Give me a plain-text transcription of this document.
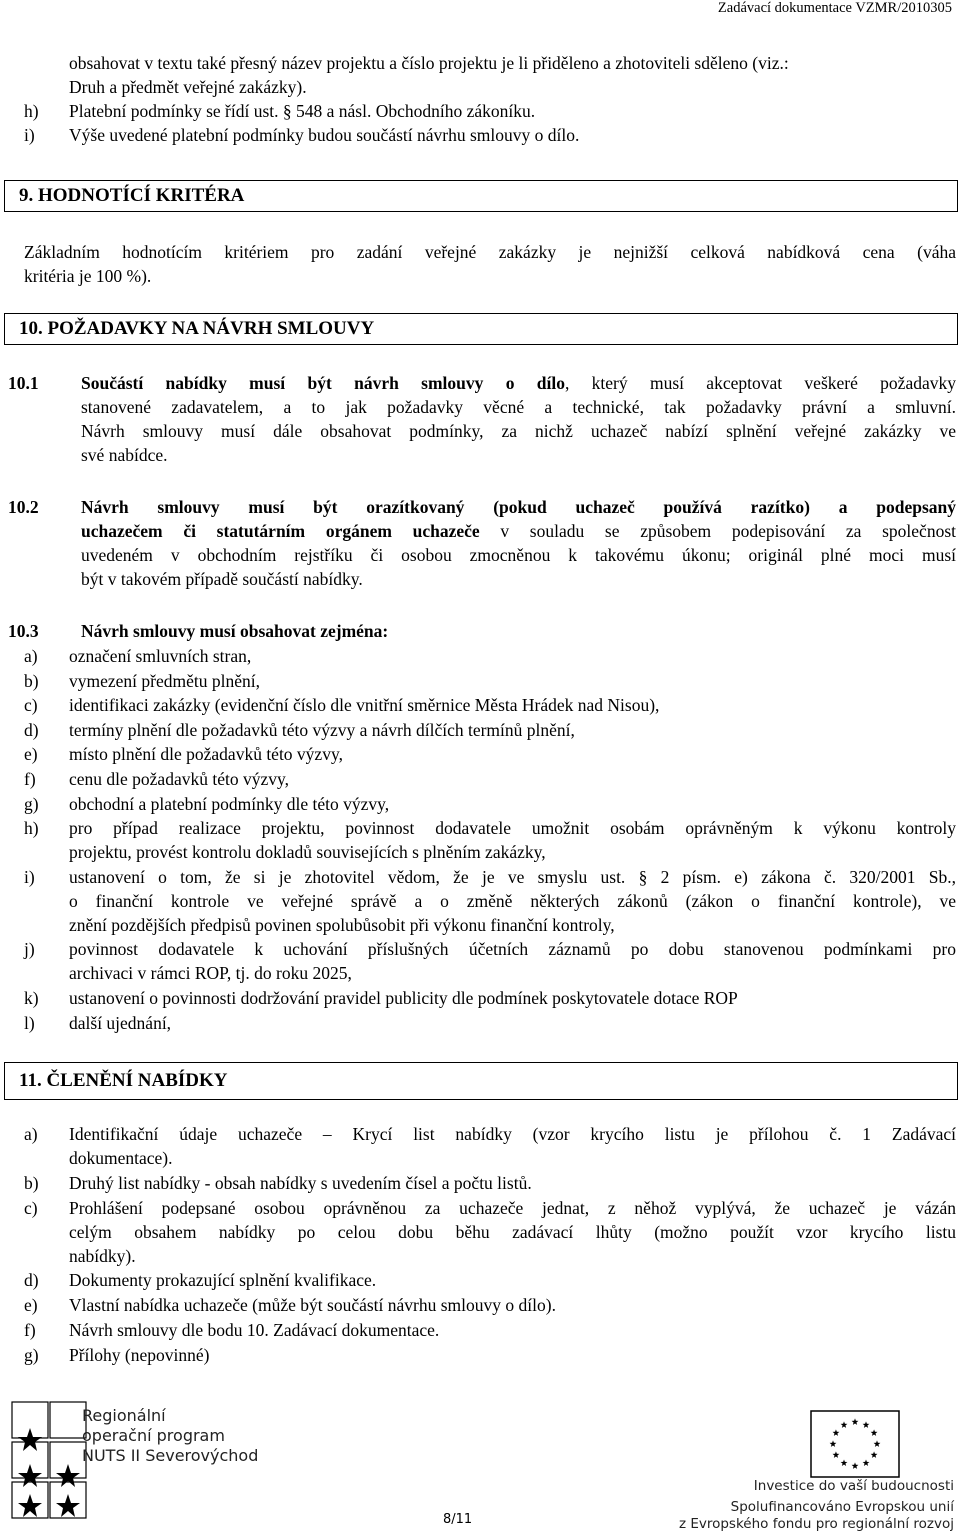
Zadávací dokumentace VZMR/2010305
obsahovat v textu také přesný název projektu a číslo projektu je li přiděleno a zhotoviteli sděleno (viz.:
Druh a předmět veřejné zakázky).
h) Platební podmínky se řídí ust. § 548 a násl. Obchodního zákoníku.
i) Výše uvedené platební podmínky budou součástí návrhu smlouvy o dílo.
9. HODNOTÍCÍ KRITÉRA
Základním hodnotícím kritériem pro zadání veřejné zakázky je nejnižší celková nabídková cena (váha
kritéria je 100 %).
10. POŽADAVKY NA NÁVRH SMLOUVY
10.1 Součástí nabídky musí být návrh smlouvy o dílo, který musí akceptovat veškeré požadavky
stanovené zadavatelem, a to jak požadavky věcné a technické, tak požadavky právní a smluvní.
Návrh smlouvy musí dále obsahovat podmínky, za nichž uchazeč nabízí splnění veřejné zakázky ve
své nabídce.
10.2 Návrh smlouvy musí být orazítkovaný (pokud uchazeč používá razítko) a podepsaný
uchazečem či statutárním orgánem uchazeče v souladu se způsobem podepisování za společnost
uvedeném v obchodním rejstříku či osobou zmocněnou k takovému úkonu; originál plné moci musí
být v takovém případě součástí nabídky.
10.3 Návrh smlouvy musí obsahovat zejména:
a) označení smluvních stran,
b) vymezení předmětu plnění,
c) identifikaci zakázky (evidenční číslo dle vnitřní směrnice Města Hrádek nad Nisou),
d) termíny plnění dle požadavků této výzvy a návrh dílčích termínů plnění,
e) místo plnění dle požadavků této výzvy,
f) cenu dle požadavků této výzvy,
g) obchodní a platební podmínky dle této výzvy,
h) pro případ realizace projektu, povinnost dodavatele umožnit osobám oprávněným k výkonu kontroly
projektu, provést kontrolu dokladů souvisejících s plněním zakázky,
i) ustanovení o tom, že si je zhotovitel vědom, že je ve smyslu ust. § 2 písm. e) zákona č. 320/2001 Sb.,
o finanční kontrole ve veřejné správě a o změně některých zákonů (zákon o finanční kontrole), ve
znění pozdějších předpisů povinen spolubůsobit při výkonu finanční kontroly,
j) povinnost dodavatele k uchování příslušných účetních záznamů po dobu stanovenou podmínkami pro
archivaci v rámci ROP, tj. do roku 2025,
k) ustanovení o povinnosti dodržování pravidel publicity dle podmínek poskytovatele dotace ROP
l) další ujednání,
11. ČLENĚNÍ NABÍDKY
a) Identifikační údaje uchazeče – Krycí list nabídky (vzor krycího listu je přílohou č. 1 Zadávací
dokumentace).
b) Druhý list nabídky - obsah nabídky s uvedením čísel a počtu listů.
c) Prohlášení podepsané osobou oprávněnou za uchazeče jednat, z něhož vyplývá, že uchazeč je vázán
celým obsahem nabídky po celou dobu běhu zadávací lhůty (možno použít vzor krycího listu
nabídky).
d) Dokumenty prokazující splnění kvalifikace.
e) Vlastní nabídka uchazeče (může být součástí návrhu smlouvy o dílo).
f) Návrh smlouvy dle bodu 10. Zadávací dokumentace.
g) Přílohy (nepovinné)
Regionální
operační program
NUTS II Severovýchod
8/11
Investice do vaší budoucnosti
Spolufinancováno Evropskou unií
z Evropského fondu pro regionální rozvoj
